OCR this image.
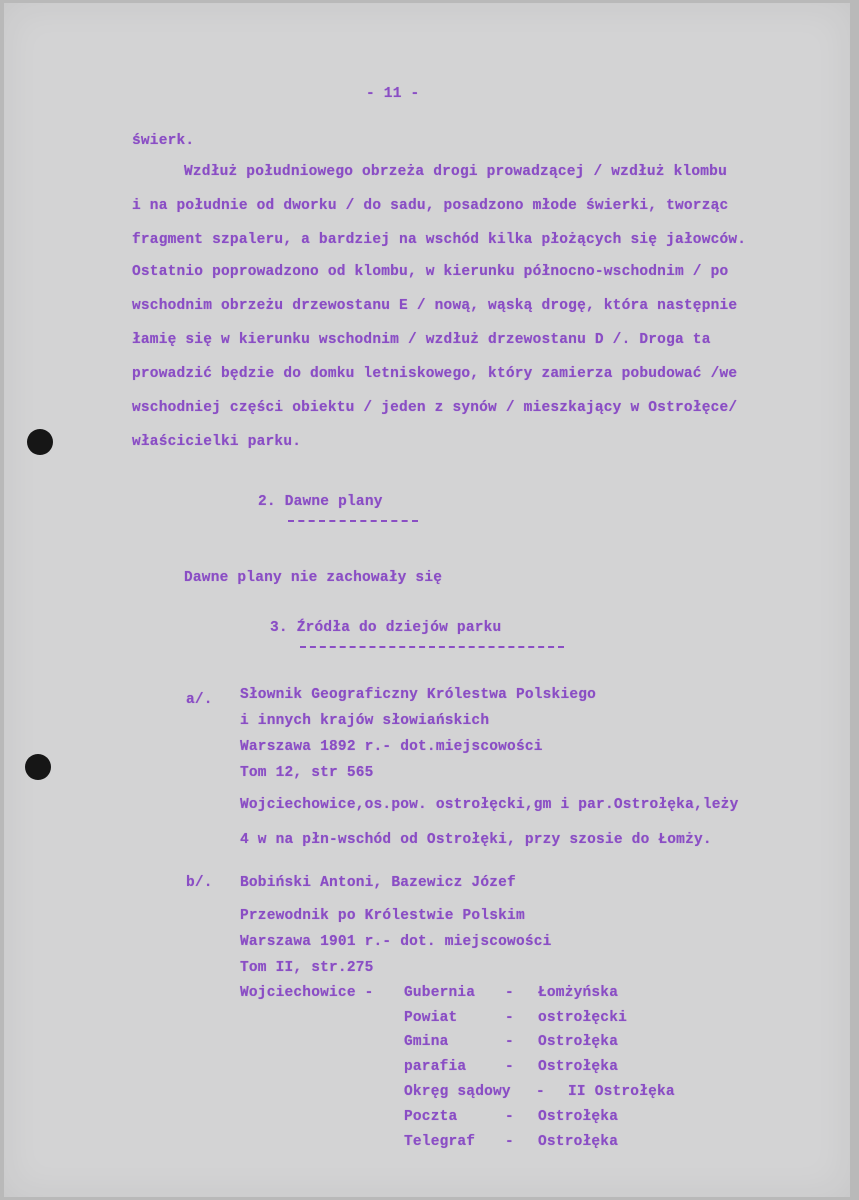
- 11 -
świerk.
Wzdłuż południowego obrzeża drogi prowadzącej / wzdłuż klombu
i na południe od dworku / do sadu, posadzono młode świerki, tworząc
fragment szpaleru, a bardziej na wschód kilka płożących się jałowców.
Ostatnio poprowadzono od klombu, w kierunku północno-wschodnim / po
wschodnim obrzeżu drzewostanu E / nową, wąską drogę, która następnie
łamię się w kierunku wschodnim / wzdłuż drzewostanu D /. Droga ta
prowadzić będzie do domku letniskowego, który zamierza pobudować /we
wschodniej części obiektu / jeden z synów / mieszkający w Ostrołęce/
właścicielki parku.
2. Dawne plany
Dawne plany nie zachowały się
3. Źródła do dziejów parku
a/. Słownik Geograficzny Królestwa Polskiego
i innych krajów słowiańskich
Warszawa 1892 r.- dot.miejscowości
Tom 12, str 565
Wojciechowice,os.pow. ostrołęcki,gm i par.Ostrołęka,leży
4 w na płn-wschód od Ostrołęki, przy szosie do Łomży.
b/. Bobiński Antoni, Bazewicz Józef
Przewodnik po Królestwie Polskim
Warszawa 1901 r.- dot. miejscowości
Tom II, str.275
Wojciechowice - Gubernia - Łomżyńska
Powiat	- ostrołęcki
Gmina	- Ostrołęka
parafia	- Ostrołęka
Okręg sądowy - II Ostrołęka
Poczta	- Ostrołęka
Telegraf - Ostrołęka
